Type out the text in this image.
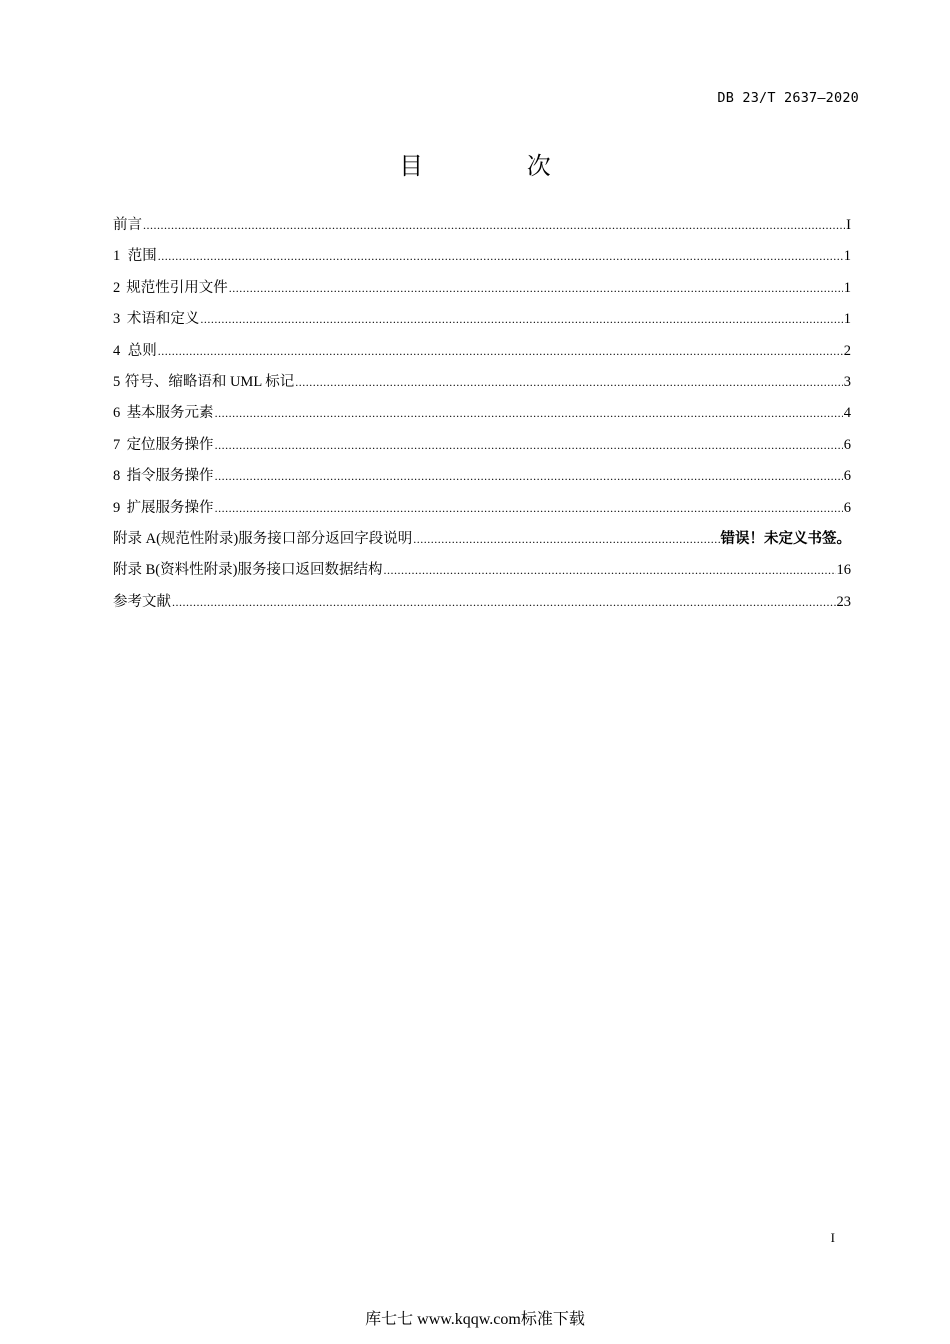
DB 23/T 2637—2020
目 次
前言 .....	I
1 范围 .....	1
2 规范性引用文件 .....	1
3 术语和定义 .....	1
4 总则 .....	2
5 符号、缩略语和 UML 标记 .....	3
6 基本服务元素 .....	4
7 定位服务操作 .....	6
8 指令服务操作 .....	6
9 扩展服务操作 .....	6
附录 A(规范性附录)服务接口部分返回字段说明 .....	错误！未定义书签。
附录 B(资料性附录)服务接口返回数据结构 .....	16
参考文献 .....	23
I
库七七 www.kqqw.com标准下载
